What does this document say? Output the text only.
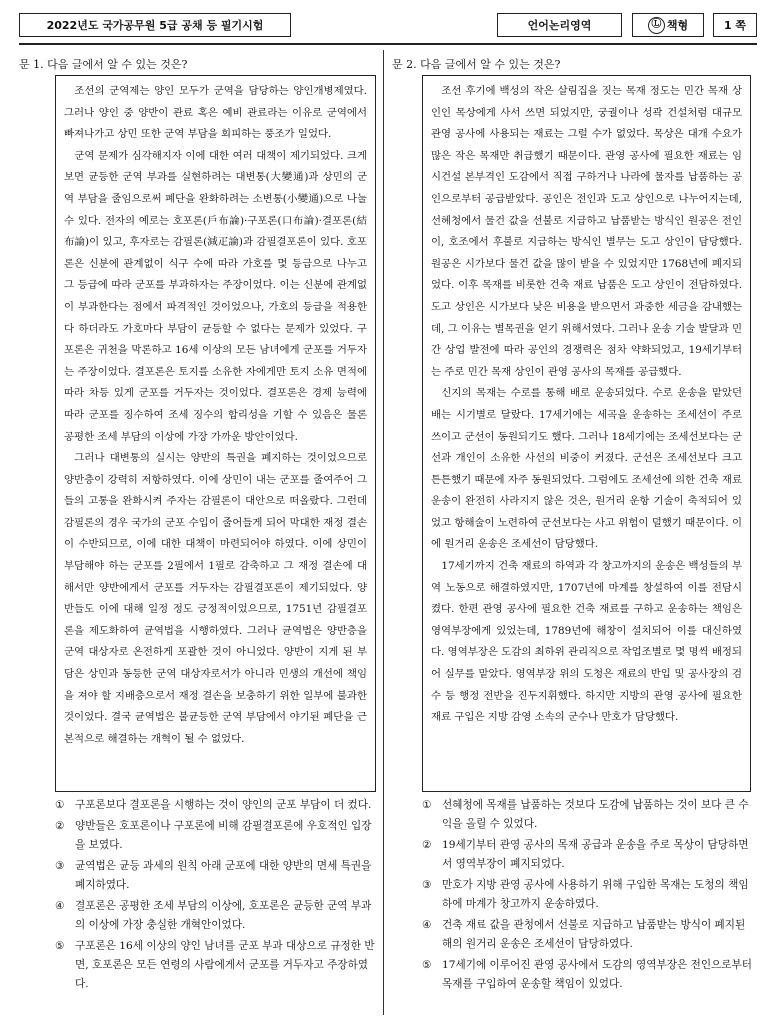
2022년도 국가공무원 5급 공채 등 필기시험	언어논리영역	Ⓛ 책형	1 쪽
문 1. 다음 글에서 알 수 있는 것은?

조선의 군역제는 양인 모두가 군역을 담당하는 양인개병제였다. 그러나 양인 중 양반이 관료 혹은 예비 관료라는 이유로 군역에서 빠져나가고 상민 또한 군역 부담을 회피하는 풍조가 일었다.

군역 문제가 심각해지자 이에 대한 여러 대책이 제기되었다. 크게 보면 균등한 군역 부과를 실현하려는 대변통(大變通)과 상민의 군역 부담을 줄임으로써 폐단을 완화하려는 소변통(小變通)으로 나눌 수 있다. 전자의 예로는 호포론(戶布論)·구포론(口布論)·결포론(結布論)이 있고, 후자로는 감필론(減疋論)과 감필결포론이 있다. 호포론은 신분에 관계없이 식구 수에 따라 가호를 몇 등급으로 나누고 그 등급에 따라 군포를 부과하자는 주장이었다. 이는 신분에 관계없이 부과한다는 점에서 파격적인 것이었으나, 가호의 등급을 적용한다 하더라도 가호마다 부담이 균등할 수 없다는 문제가 있었다. 구포론은 귀천을 막론하고 16세 이상의 모든 남녀에게 군포를 거두자는 주장이었다. 결포론은 토지를 소유한 자에게만 토지 소유 면적에 따라 차등 있게 군포를 거두자는 것이었다. 결포론은 경제 능력에 따라 군포를 징수하여 조세 징수의 합리성을 기할 수 있음은 물론 공평한 조세 부담의 이상에 가장 가까운 방안이었다.

그러나 대변통의 실시는 양반의 특권을 폐지하는 것이었으므로 양반층이 강력히 저항하였다. 이에 상민이 내는 군포를 줄여주어 그들의 고통을 완화시켜 주자는 감필론이 대안으로 떠올랐다. 그런데 감필론의 경우 국가의 군포 수입이 줄어들게 되어 막대한 재정 결손이 수반되므로, 이에 대한 대책이 마련되어야 하였다. 이에 상민이 부담해야 하는 군포를 2필에서 1필로 감축하고 그 재정 결손에 대해서만 양반에게서 군포를 거두자는 감필결포론이 제기되었다. 양반들도 이에 대해 일정 정도 긍정적이었으므로, 1751년 감필결포론을 제도화하여 균역법을 시행하였다. 그러나 균역법은 양반층을 군역 대상자로 온전하게 포괄한 것이 아니었다. 양반이 지게 된 부담은 상민과 동등한 군역 대상자로서가 아니라 민생의 개선에 책임을 져야 할 지배층으로서 재정 결손을 보충하기 위한 일부에 불과한 것이었다. 결국 균역법은 불균등한 군역 부담에서 야기된 폐단을 근본적으로 해결하는 개혁이 될 수 없었다.

① 구포론보다 결포론을 시행하는 것이 양인의 군포 부담이 더 컸다.
② 양반들은 호포론이나 구포론에 비해 감필결포론에 우호적인 입장을 보였다.
③ 균역법은 균등 과세의 원칙 아래 군포에 대한 양반의 면세 특권을 폐지하였다.
④ 결포론은 공평한 조세 부담의 이상에, 호포론은 균등한 군역 부과의 이상에 가장 충실한 개혁안이었다.
⑤ 구포론은 16세 이상의 양인 남녀를 군포 부과 대상으로 규정한 반면, 호포론은 모든 연령의 사람에게서 군포를 거두자고 주장하였다.
문 2. 다음 글에서 알 수 있는 것은?

조선 후기에 백성의 작은 살림집을 짓는 목재 정도는 민간 목재 상인인 목상에게 사서 쓰면 되었지만, 궁궐이나 성곽 건설처럼 대규모 관영 공사에 사용되는 재료는 그럴 수가 없었다. 목상은 대개 수요가 많은 작은 목재만 취급했기 때문이다. 관영 공사에 필요한 재료는 임시건설 본부격인 도감에서 직접 구하거나 나라에 물자를 납품하는 공인으로부터 공급받았다. 공인은 전인과 도고 상인으로 나누어지는데, 선혜청에서 물건 값을 선불로 지급하고 납품받는 방식인 원공은 전인이, 호조에서 후불로 지급하는 방식인 별무는 도고 상인이 담당했다. 원공은 시가보다 물건 값을 많이 받을 수 있었지만 1768년에 폐지되었다. 이후 목재를 비롯한 건축 재료 납품은 도고 상인이 전담하였다. 도고 상인은 시가보다 낮은 비용을 받으면서 과중한 세금을 감내했는데, 그 이유는 별목권을 얻기 위해서였다. 그러나 운송 기술 발달과 민간 상업 발전에 따라 공인의 경쟁력은 점차 약화되었고, 19세기부터는 주로 민간 목재 상인이 관영 공사의 목재를 공급했다.

신지의 목재는 수로를 통해 배로 운송되었다. 수로 운송을 맡았던 배는 시기별로 달랐다. 17세기에는 세곡을 운송하는 조세선이 주로 쓰이고 군선이 동원되기도 했다. 그러나 18세기에는 조세선보다는 군선과 개인이 소유한 사선의 비중이 커졌다. 군선은 조세선보다 크고 튼튼했기 때문에 자주 동원되었다. 그럼에도 조세선에 의한 건축 재료 운송이 완전히 사라지지 않은 것은, 원거리 운항 기술이 축적되어 있었고 항해술이 노련하여 군선보다는 사고 위험이 덜했기 때문이다. 이에 원거리 운송은 조세선이 담당했다.

17세기까지 건축 재료의 하역과 각 창고까지의 운송은 백성들의 부역 노동으로 해결하였지만, 1707년에 마계를 창설하여 이를 전담시켰다. 한편 관영 공사에 필요한 건축 재료를 구하고 운송하는 책임은 영역부장에게 있었는데, 1789년에 해창이 설치되어 이를 대신하였다. 영역부장은 도감의 최하위 관리직으로 작업조별로 몇 명씩 배정되어 실무를 맡았다. 영역부장 위의 도청은 재료의 반입 및 공사장의 검수 등 행정 전반을 진두지휘했다. 하지만 지방의 관영 공사에 필요한 재료 구입은 지방 감영 소속의 군수나 만호가 담당했다.

① 선혜청에 목재를 납품하는 것보다 도감에 납품하는 것이 보다 큰 수익을 올릴 수 있었다.
② 19세기부터 관영 공사의 목재 공급과 운송을 주로 목상이 담당하면서 영역부장이 폐지되었다.
③ 만호가 지방 관영 공사에 사용하기 위해 구입한 목재는 도청의 책임하에 마계가 창고까지 운송하였다.
④ 건축 재료 값을 관청에서 선불로 지급하고 납품받는 방식이 폐지된 해의 원거리 운송은 조세선이 담당하였다.
⑤ 17세기에 이루어진 관영 공사에서 도감의 영역부장은 전인으로부터 목재를 구입하여 운송할 책임이 있었다.
